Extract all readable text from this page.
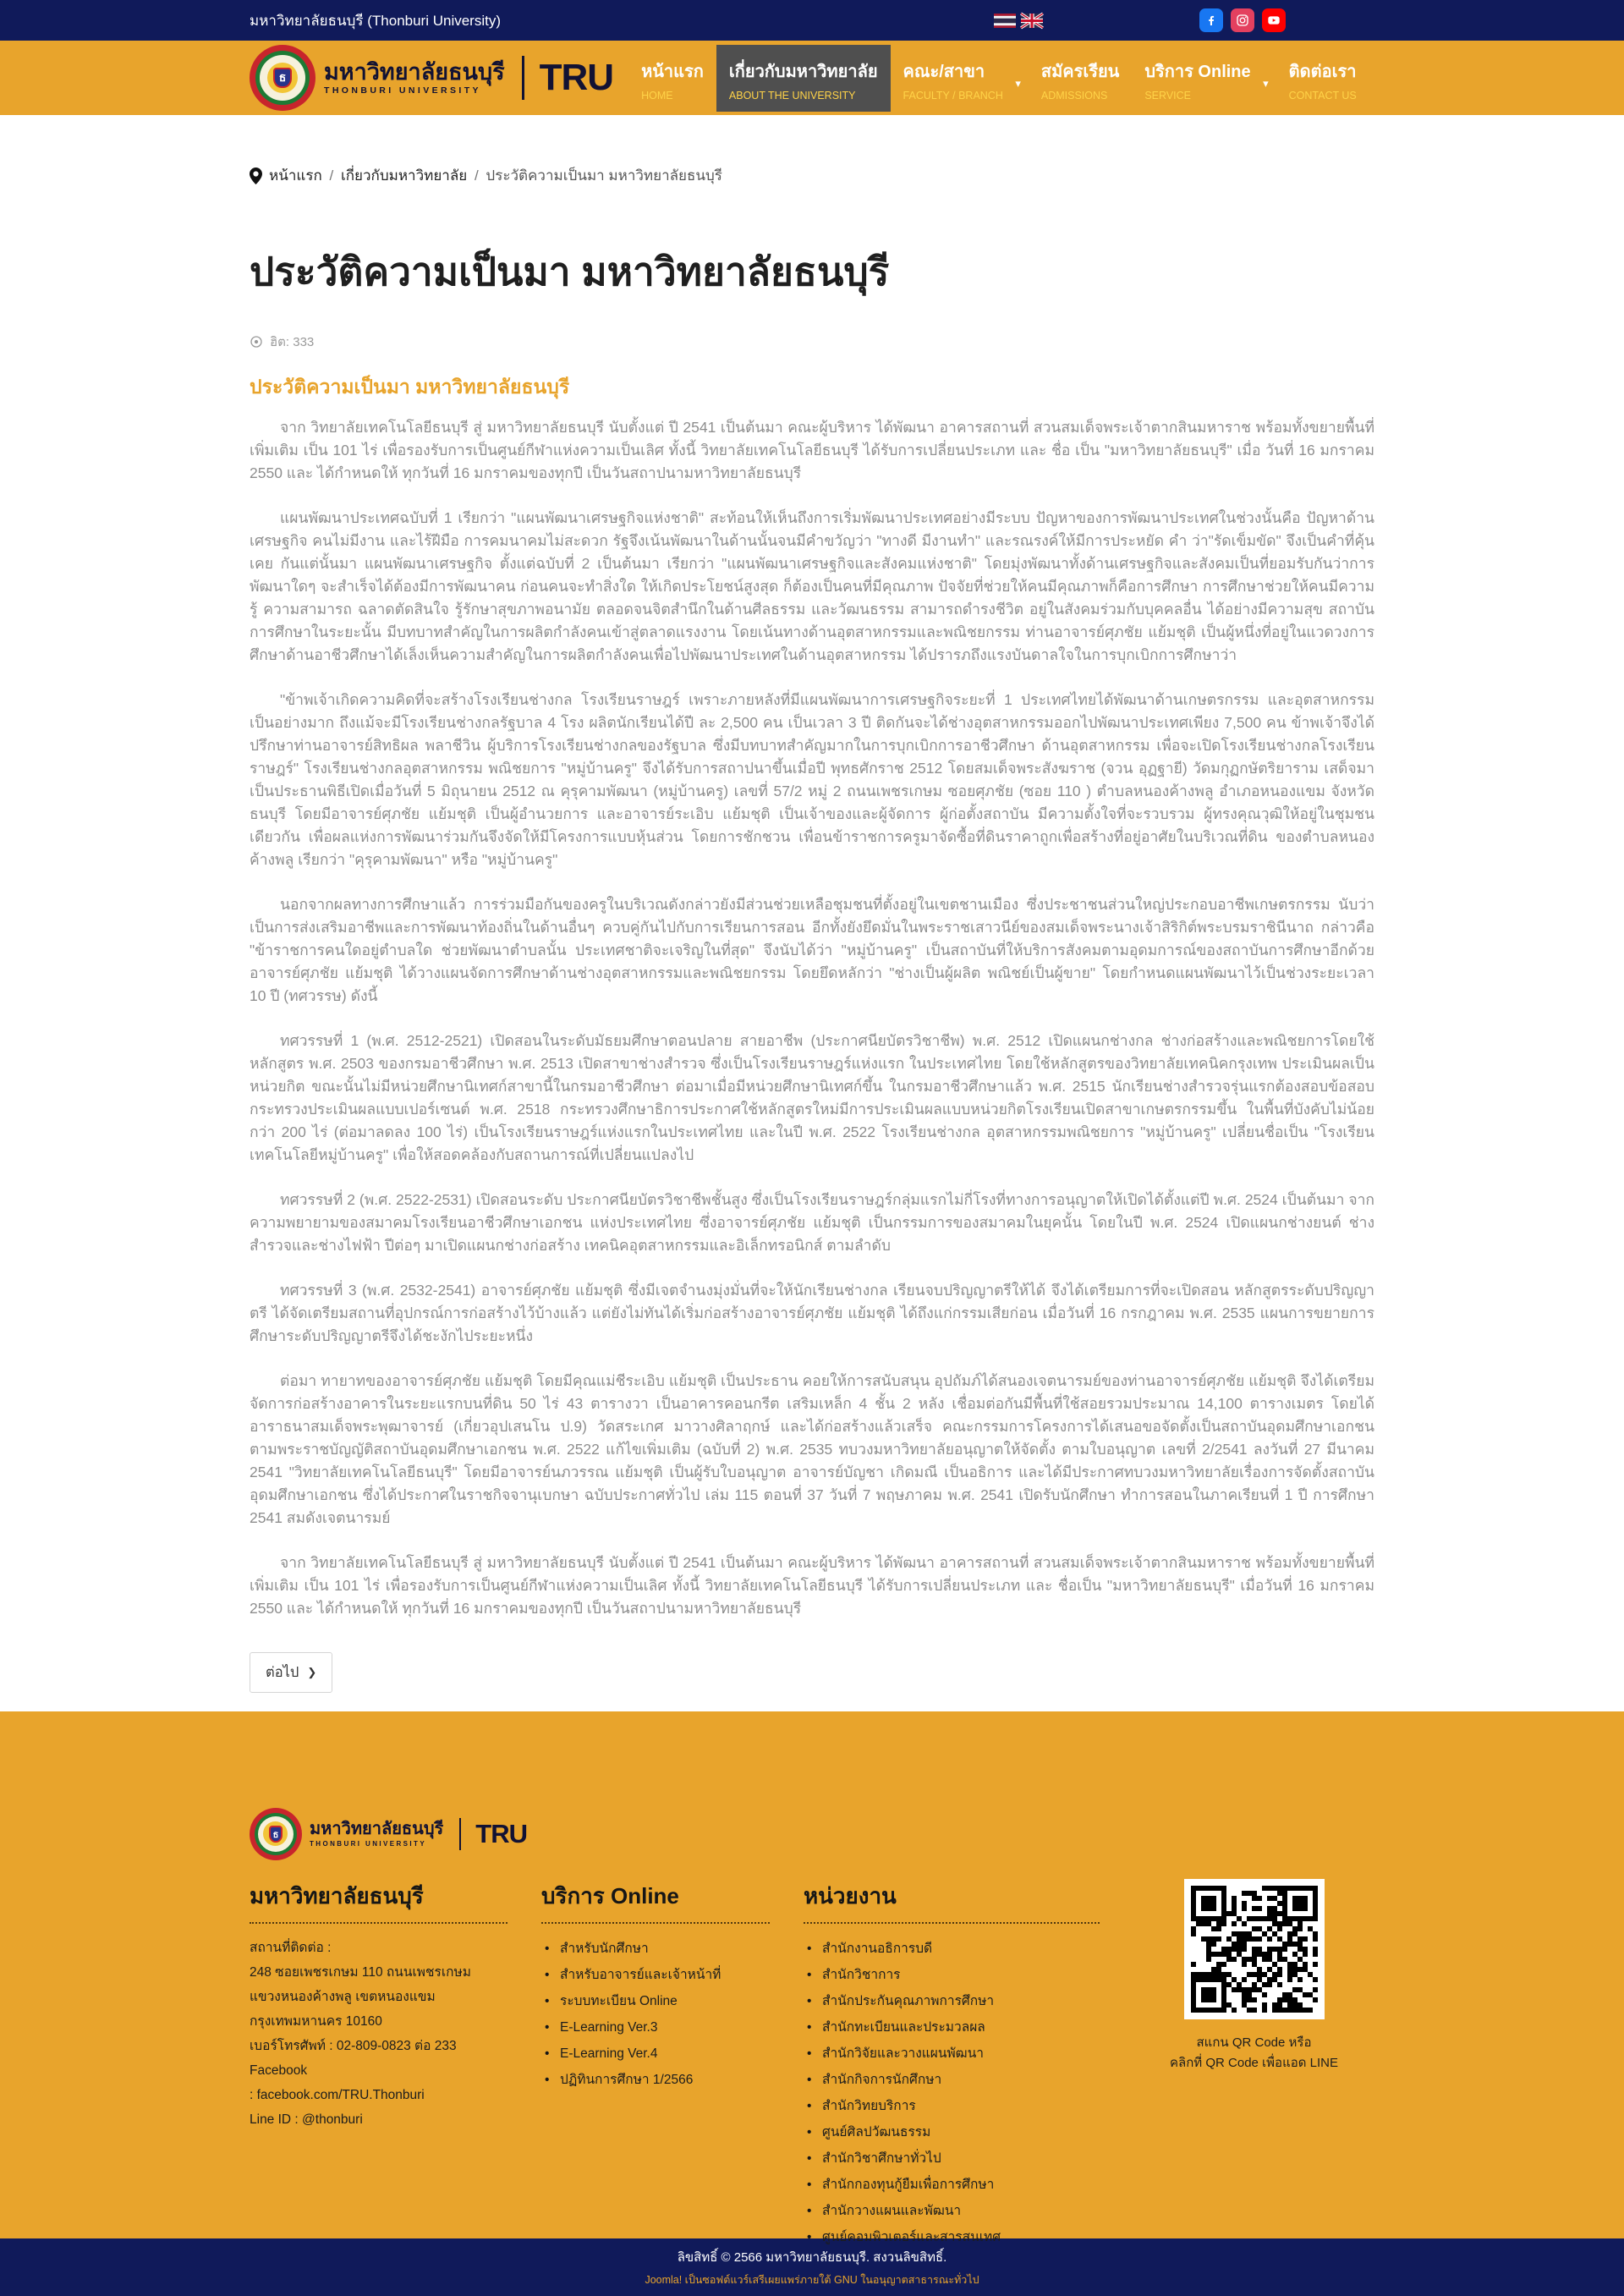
มหาวิทยาลัยธนบุรี (Thonburi University)
ธ มหาวิทยาลัยธนบุรี
THONBURI UNIVERSITY	TRU หน้าแรก
HOME
เกี่ยวกับมหาวิทยาลัย
ABOUT THE UNIVERSITY
คณะ/สาขา
FACULTY / BRANCH
▾
สมัครเรียน
ADMISSIONS
บริการ Online
SERVICE
▾
ติดต่อเรา
CONTACT US
หน้าแรก / เกี่ยวกับมหาวิทยาลัย / ประวัติความเป็นมา มหาวิทยาลัยธนบุรี
ประวัติความเป็นมา มหาวิทยาลัยธนบุรี
ฮิต: 333
ประวัติความเป็นมา มหาวิทยาลัยธนบุรี

จาก วิทยาลัยเทคโนโลยีธนบุรี สู่ มหาวิทยาลัยธนบุรี นับตั้งแต่ ปี 2541 เป็นต้นมา คณะผู้บริหาร ได้พัฒนา อาคารสถานที่ สวนสมเด็จพระเจ้าตากสินมหาราช พร้อมทั้งขยายพื้นที่เพิ่มเติม เป็น 101 ไร่ เพื่อรองรับการเป็นศูนย์กีฬาแห่งความเป็นเลิศ ทั้งนี้ วิทยาลัยเทคโนโลยีธนบุรี ได้รับการเปลี่ยนประเภท และ ชื่อ เป็น "มหาวิทยาลัยธนบุรี" เมื่อ วันที่ 16 มกราคม 2550 และ ได้กำหนดให้ ทุกวันที่ 16 มกราคมของทุกปี เป็นวันสถาปนามหาวิทยาลัยธนบุรี

แผนพัฒนาประเทศฉบับที่ 1 เรียกว่า "แผนพัฒนาเศรษฐกิจแห่งชาติ" สะท้อนให้เห็นถึงการเริ่มพัฒนาประเทศอย่างมีระบบ ปัญหาของการพัฒนาประเทศในช่วงนั้นคือ ปัญหาด้านเศรษฐกิจ คนไม่มีงาน และไร้ฝีมือ การคมนาคมไม่สะดวก รัฐจึงเน้นพัฒนาในด้านนั้นจนมีคำขวัญว่า "ทางดี มีงานทำ" และรณรงค์ให้มีการประหยัด คำ ว่า"รัดเข็มขัด" จึงเป็นคำที่คุ้นเคย กันแต่นั้นมา แผนพัฒนาเศรษฐกิจ ตั้งแต่ฉบับที่ 2 เป็นต้นมา เรียกว่า "แผนพัฒนาเศรษฐกิจและสังคมแห่งชาติ" โดยมุ่งพัฒนาทั้งด้านเศรษฐกิจและสังคมเป็นที่ยอมรับกันว่าการพัฒนาใดๆ จะสำเร็จได้ต้องมีการพัฒนาคน ก่อนคนจะทำสิ่งใด ให้เกิดประโยชน์สูงสุด ก็ต้องเป็นคนที่มีคุณภาพ ปัจจัยที่ช่วยให้คนมีคุณภาพก็คือการศึกษา การศึกษาช่วยให้คนมีความรู้ ความสามารถ ฉลาดตัดสินใจ รู้รักษาสุขภาพอนามัย ตลอดจนจิตสำนึกในด้านศีลธรรม และวัฒนธรรม สามารถดำรงชีวิต อยู่ในสังคมร่วมกับบุคคลอื่น ได้อย่างมีความสุข สถาบันการศึกษาในระยะนั้น มีบทบาทสำคัญในการผลิตกำลังคนเข้าสู่ตลาดแรงงาน โดยเน้นทางด้านอุตสาหกรรมและพณิชยกรรม ท่านอาจารย์ศุภชัย แย้มชุติ เป็นผู้หนึ่งที่อยู่ในแวดวงการศึกษาด้านอาชีวศึกษาได้เล็งเห็นความสำคัญในการผลิตกำลังคนเพื่อไปพัฒนาประเทศในด้านอุตสาหกรรม ได้ปรารภถึงแรงบันดาลใจในการบุกเบิกการศึกษาว่า

"ข้าพเจ้าเกิดความคิดที่จะสร้างโรงเรียนช่างกล โรงเรียนราษฎร์ เพราะภายหลังที่มีแผนพัฒนาการเศรษฐกิจระยะที่ 1 ประเทศไทยได้พัฒนาด้านเกษตรกรรม และอุตสาหกรรมเป็นอย่างมาก ถึงแม้จะมีโรงเรียนช่างกลรัฐบาล 4 โรง ผลิตนักเรียนได้ปี ละ 2,500 คน เป็นเวลา 3 ปี ติดกันจะได้ช่างอุตสาหกรรมออกไปพัฒนาประเทศเพียง 7,500 คน ข้าพเจ้าจึงได้ปรึกษาท่านอาจารย์สิทธิผล พลาชีวิน ผู้บริการโรงเรียนช่างกลของรัฐบาล ซึ่งมีบทบาทสำคัญมากในการบุกเบิกการอาชีวศึกษา ด้านอุตสาหกรรม เพื่อจะเปิดโรงเรียนช่างกลโรงเรียนราษฎร์" โรงเรียนช่างกลอุตสาหกรรม พณิชยการ "หมู่บ้านครู" จึงได้รับการสถาปนาขึ้นเมื่อปี พุทธศักราช 2512 โดยสมเด็จพระสังฆราช (จวน อุฏฐายี) วัดมกุฏกษัตริยาราม เสด็จมาเป็นประธานพิธีเปิดเมื่อวันที่ 5 มิถุนายน 2512 ณ คุรุคามพัฒนา (หมู่บ้านครู) เลขที่ 57/2 หมู่ 2 ถนนเพชรเกษม ซอยศุภชัย (ซอย 110 ) ตำบลหนองค้างพลู อำเภอหนองแขม จังหวัดธนบุรี โดยมีอาจารย์ศุภชัย แย้มชุติ เป็นผู้อำนวยการ และอาจารย์ระเอิบ แย้มชุติ เป็นเจ้าของและผู้จัดการ ผู้ก่อตั้งสถาบัน มีความตั้งใจที่จะรวบรวม ผู้ทรงคุณวุฒิให้อยู่ในชุมชนเดียวกัน เพื่อผลแห่งการพัฒนาร่วมกันจึงจัดให้มีโครงการแบบหุ้นส่วน โดยการชักชวน เพื่อนข้าราชการครูมาจัดซื้อที่ดินราคาถูกเพื่อสร้างที่อยู่อาศัยในบริเวณที่ดิน ของตำบลหนองค้างพลู เรียกว่า "คุรุคามพัฒนา" หรือ "หมู่บ้านครู"

นอกจากผลทางการศึกษาแล้ว การร่วมมือกันของครูในบริเวณดังกล่าวยังมีส่วนช่วยเหลือชุมชนที่ตั้งอยู่ในเขตชานเมือง ซึ่งประชาชนส่วนใหญ่ประกอบอาชีพเกษตรกรรม นับว่าเป็นการส่งเสริมอาชีพและการพัฒนาท้องถิ่นในด้านอื่นๆ ควบคู่กันไปกับการเรียนการสอน อีกทั้งยังยึดมั่นในพระราชเสาวนีย์ของสมเด็จพระนางเจ้าสิริกิต์พระบรมราชินีนาถ กล่าวคือ "ข้าราชการคนใดอยู่ตำบลใด ช่วยพัฒนาตำบลนั้น ประเทศชาติจะเจริญในที่สุด" จึงนับได้ว่า "หมู่บ้านครู" เป็นสถาบันที่ให้บริการสังคมตามอุดมการณ์ของสถาบันการศึกษาอีกด้วย อาจารย์ศุภชัย แย้มชุติ ได้วางแผนจัดการศึกษาด้านช่างอุตสาหกรรมและพณิชยกรรม โดยยึดหลักว่า "ช่างเป็นผู้ผลิต พณิชย์เป็นผู้ขาย" โดยกำหนดแผนพัฒนาไว้เป็นช่วงระยะเวลา 10 ปี (ทศวรรษ) ดังนี้

ทศวรรษที่ 1 (พ.ศ. 2512-2521) เปิดสอนในระดับมัธยมศึกษาตอนปลาย สายอาชีพ (ประกาศนียบัตรวิชาชีพ) พ.ศ. 2512 เปิดแผนกช่างกล ช่างก่อสร้างและพณิชยการโดยใช้หลักสูตร พ.ศ. 2503 ของกรมอาชีวศึกษา พ.ศ. 2513 เปิดสาขาช่างสำรวจ ซึ่งเป็นโรงเรียนราษฎร์แห่งแรก ในประเทศไทย โดยใช้หลักสูตรของวิทยาลัยเทคนิคกรุงเทพ ประเมินผลเป็นหน่วยกิต ขณะนั้นไม่มีหน่วยศึกษานิเทศก์สาขานี้ในกรมอาชีวศึกษา ต่อมาเมื่อมีหน่วยศึกษานิเทศก์ขึ้น ในกรมอาชีวศึกษาแล้ว พ.ศ. 2515 นักเรียนช่างสำรวจรุ่นแรกต้องสอบข้อสอบกระทรวงประเมินผลแบบเปอร์เซนต์ พ.ศ. 2518 กระทรวงศึกษาธิการประกาศใช้หลักสูตรใหม่มีการประเมินผลแบบหน่วยกิตโรงเรียนเปิดสาขาเกษตรกรรมขึ้น ในพื้นที่บังคับไม่น้อยกว่า 200 ไร่ (ต่อมาลดลง 100 ไร่) เป็นโรงเรียนราษฎร์แห่งแรกในประเทศไทย และในปี พ.ศ. 2522 โรงเรียนช่างกล อุตสาหกรรมพณิชยการ "หมู่บ้านครู" เปลี่ยนชื่อเป็น "โรงเรียนเทคโนโลยีหมู่บ้านครู" เพื่อให้สอดคล้องกับสถานการณ์ที่เปลี่ยนแปลงไป

ทศวรรษที่ 2 (พ.ศ. 2522-2531) เปิดสอนระดับ ประกาศนียบัตรวิชาชีพชั้นสูง ซึ่งเป็นโรงเรียนราษฎร์กลุ่มแรกไม่กี่โรงที่ทางการอนุญาตให้เปิดได้ตั้งแต่ปี พ.ศ. 2524 เป็นต้นมา จากความพยายามของสมาคมโรงเรียนอาชีวศึกษาเอกชน แห่งประเทศไทย ซึ่งอาจารย์ศุภชัย แย้มชุติ เป็นกรรมการของสมาคมในยุคนั้น โดยในปี พ.ศ. 2524 เปิดแผนกช่างยนต์ ช่างสำรวจและช่างไฟฟ้า ปีต่อๆ มาเปิดแผนกช่างก่อสร้าง เทคนิคอุตสาหกรรมและอิเล็กทรอนิกส์ ตามลำดับ

ทศวรรษที่ 3 (พ.ศ. 2532-2541) อาจารย์ศุภชัย แย้มชุติ ซึ่งมีเจตจำนงมุ่งมั่นที่จะให้นักเรียนช่างกล เรียนจบปริญญาตรีให้ได้ จึงได้เตรียมการที่จะเปิดสอน หลักสูตรระดับปริญญาตรี ได้จัดเตรียมสถานที่อุปกรณ์การก่อสร้างไว้บ้างแล้ว แต่ยังไม่ทันได้เริ่มก่อสร้างอาจารย์ศุภชัย แย้มชุติ ได้ถึงแก่กรรมเสียก่อน เมื่อวันที่ 16 กรกฎาคม พ.ศ. 2535 แผนการขยายการศึกษาระดับปริญญาตรีจึงได้ชะงักไประยะหนึ่ง

ต่อมา ทายาทของอาจารย์ศุภชัย แย้มชุติ โดยมีคุณแม่ชีระเอิบ แย้มชุติ เป็นประธาน คอยให้การสนับสนุน อุปถัมภ์ได้สนองเจตนารมย์ของท่านอาจารย์ศุภชัย แย้มชุติ จึงได้เตรียมจัดการก่อสร้างอาคารในระยะแรกบนที่ดิน 50 ไร่ 43 ตารางวา เป็นอาคารคอนกรีต เสริมเหล็ก 4 ชั้น 2 หลัง เชื่อมต่อกันมีพื้นที่ใช้สอยรวมประมาณ 14,100 ตารางเมตร โดยได้อาราธนาสมเด็จพระพุฒาจารย์ (เกี่ยวอุปเสนโน ป.9) วัดสระเกศ มาวางศิลาฤกษ์ และได้ก่อสร้างแล้วเสร็จ คณะกรรมการโครงการได้เสนอขอจัดตั้งเป็นสถาบันอุดมศึกษาเอกชนตามพระราชบัญญัติสถาบันอุดมศึกษาเอกชน พ.ศ. 2522 แก้ไขเพิ่มเติม (ฉบับที่ 2) พ.ศ. 2535 ทบวงมหาวิทยาลัยอนุญาตให้จัดตั้ง ตามใบอนุญาต เลขที่ 2/2541 ลงวันที่ 27 มีนาคม 2541 "วิทยาลัยเทคโนโลยีธนบุรี" โดยมีอาจารย์นภวรรณ แย้มชุติ เป็นผู้รับใบอนุญาต อาจารย์บัญชา เกิดมณี เป็นอธิการ และได้มีประกาศทบวงมหาวิทยาลัยเรื่องการจัดตั้งสถาบันอุดมศึกษาเอกชน ซึ่งได้ประกาศในราชกิจจานุเบกษา ฉบับประกาศทั่วไป เล่ม 115 ตอนที่ 37 วันที่ 7 พฤษภาคม พ.ศ. 2541 เปิดรับนักศึกษา ทำการสอนในภาคเรียนที่ 1 ปี การศึกษา 2541 สมดังเจตนารมย์

จาก วิทยาลัยเทคโนโลยีธนบุรี สู่ มหาวิทยาลัยธนบุรี นับตั้งแต่ ปี 2541 เป็นต้นมา คณะผู้บริหาร ได้พัฒนา อาคารสถานที่ สวนสมเด็จพระเจ้าตากสินมหาราช พร้อมทั้งขยายพื้นที่เพิ่มเติม เป็น 101 ไร่ เพื่อรองรับการเป็นศูนย์กีฬาแห่งความเป็นเลิศ ทั้งนี้ วิทยาลัยเทคโนโลยีธนบุรี ได้รับการเปลี่ยนประเภท และ ชื่อเป็น "มหาวิทยาลัยธนบุรี" เมื่อวันที่ 16 มกราคม 2550 และ ได้กำหนดให้ ทุกวันที่ 16 มกราคมของทุกปี เป็นวันสถาปนามหาวิทยาลัยธนบุรี

ต่อไป ❯
ธ มหาวิทยาลัยธนบุรี
THONBURI UNIVERSITY	TRU
มหาวิทยาลัยธนบุรี
สถานที่ติดต่อ :
248 ซอยเพชรเกษม 110 ถนนเพชรเกษม
แขวงหนองค้างพลู เขตหนองแขม
กรุงเทพมหานคร 10160
เบอร์โทรศัพท์ : 02-809-0823 ต่อ 233
Facebook
: facebook.com/TRU.Thonburi
Line ID : @thonburi
บริการ Online
• สำหรับนักศึกษา
• สำหรับอาจารย์และเจ้าหน้าที่
• ระบบทะเบียน Online
• E-Learning Ver.3
• E-Learning Ver.4
• ปฏิทินการศึกษา 1/2566
หน่วยงาน
• สำนักงานอธิการบดี
• สำนักวิชาการ
• สำนักประกันคุณภาพการศึกษา
• สำนักทะเบียนและประมวลผล
• สำนักวิจัยและวางแผนพัฒนา
• สำนักกิจการนักศึกษา
• สำนักวิทยบริการ
• ศูนย์ศิลปวัฒนธรรม
• สำนักวิชาศึกษาทั่วไป
• สำนักกองทุนกู้ยืมเพื่อการศึกษา
• สำนักวางแผนและพัฒนา
• ศูนย์คอมพิวเตอร์และสารสนเทศ
สแกน QR Code หรือ
คลิกที่ QR Code เพื่อแอด LINE
ลิขสิทธิ์ © 2566 มหาวิทยาลัยธนบุรี. สงวนลิขสิทธิ์.
Joomla! เป็นซอฟต์แวร์เสรีเผยแพร่ภายใต้ GNU ในอนุญาตสาธารณะทั่วไป
